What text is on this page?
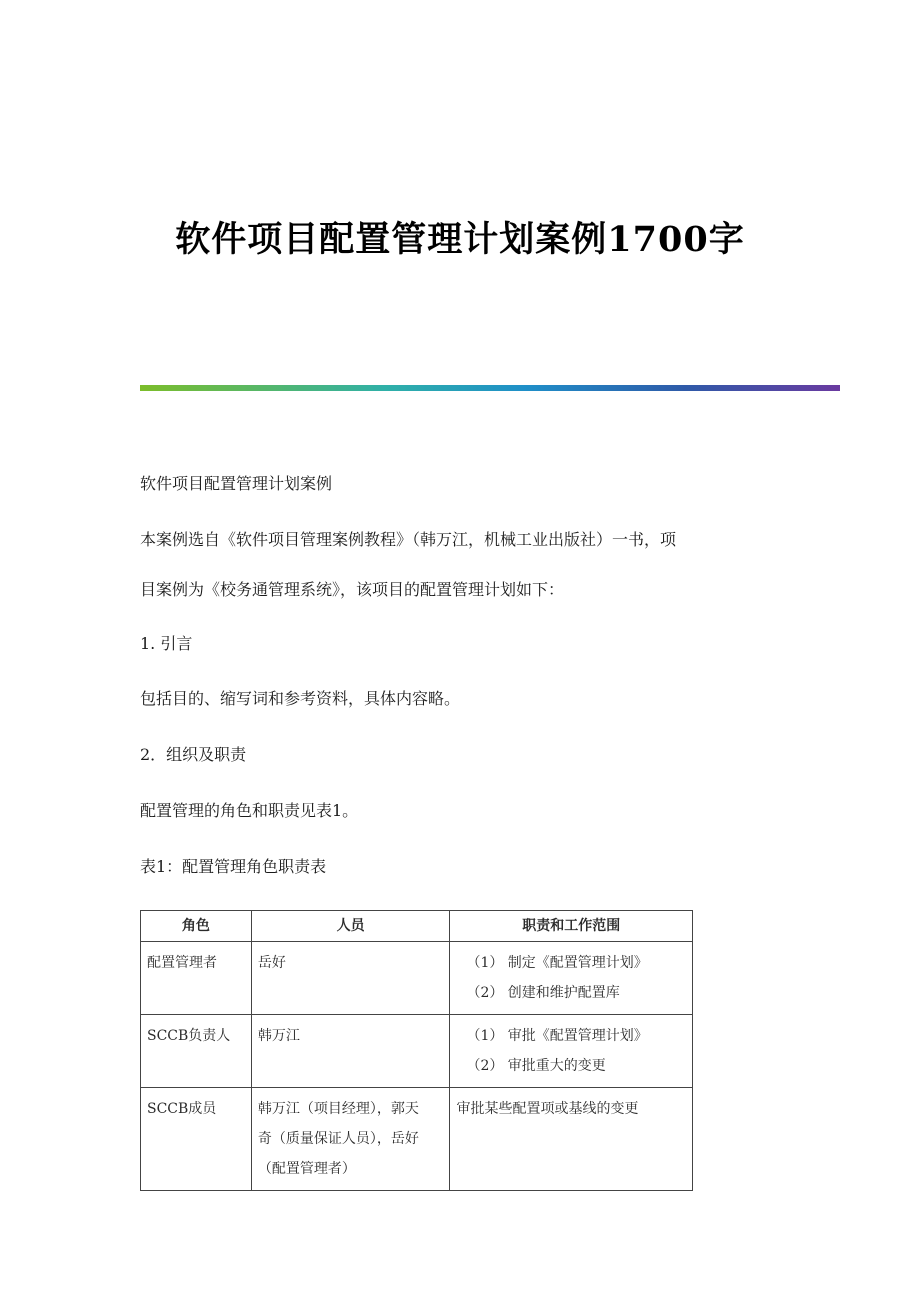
软件项目配置管理计划案例1700字
软件项目配置管理计划案例
本案例选自《软件项目管理案例教程》（韩万江，机械工业出版社）一书，项
目案例为《校务通管理系统》，该项目的配置管理计划如下：
1. 引言
包括目的、缩写词和参考资料，具体内容略。
2．组织及职责
配置管理的角色和职责见表1。
表1：配置管理角色职责表
角色	人员	职责和工作范围
配置管理者	岳好	（1） 制定《配置管理计划》
（2） 创建和维护配置库

SCCB负责人	韩万江	（1） 审批《配置管理计划》
（2） 审批重大的变更

SCCB成员	韩万江（项目经理），郭天
奇（质量保证人员），岳好
（配置管理者）	审批某些配置项或基线的变更
